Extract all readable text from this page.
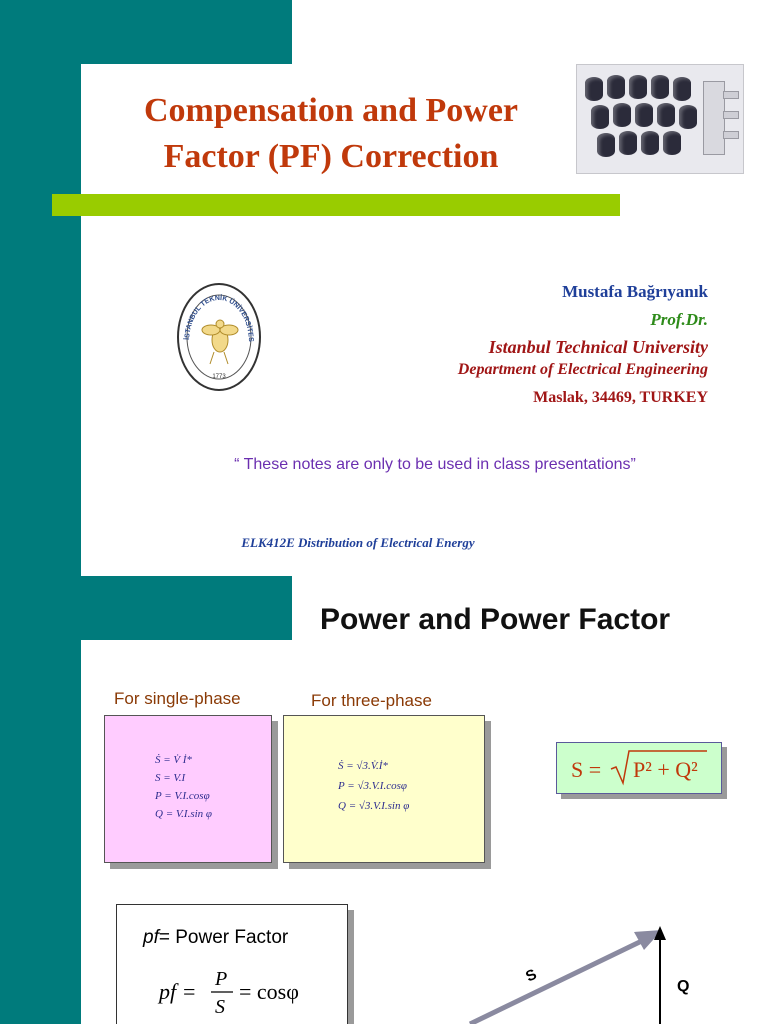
Compensation and Power
Factor (PF) Correction
İSTANBUL TEKNİK ÜNİVERSİTES
1773
Mustafa Bağrıyanık
Prof.Dr.
Istanbul Technical University
Department of Electrical Engineering
Maslak, 34469, TURKEY
“ These notes are only to be used in class presentations”
ELK412E Distribution of Electrical Energy
Power and Power Factor
For single-phase	For three-phase
Ṡ = V̇ İ*
S = V.I
P = V.I.cosφ
Q = V.I.sin φ
Ṡ = √3.V̇.İ*
P = √3.V.I.cosφ
Q = √3.V.I.sin φ
S = P² + Q²
pf= Power Factor
pf = P
S
= cosφ
S
Q
